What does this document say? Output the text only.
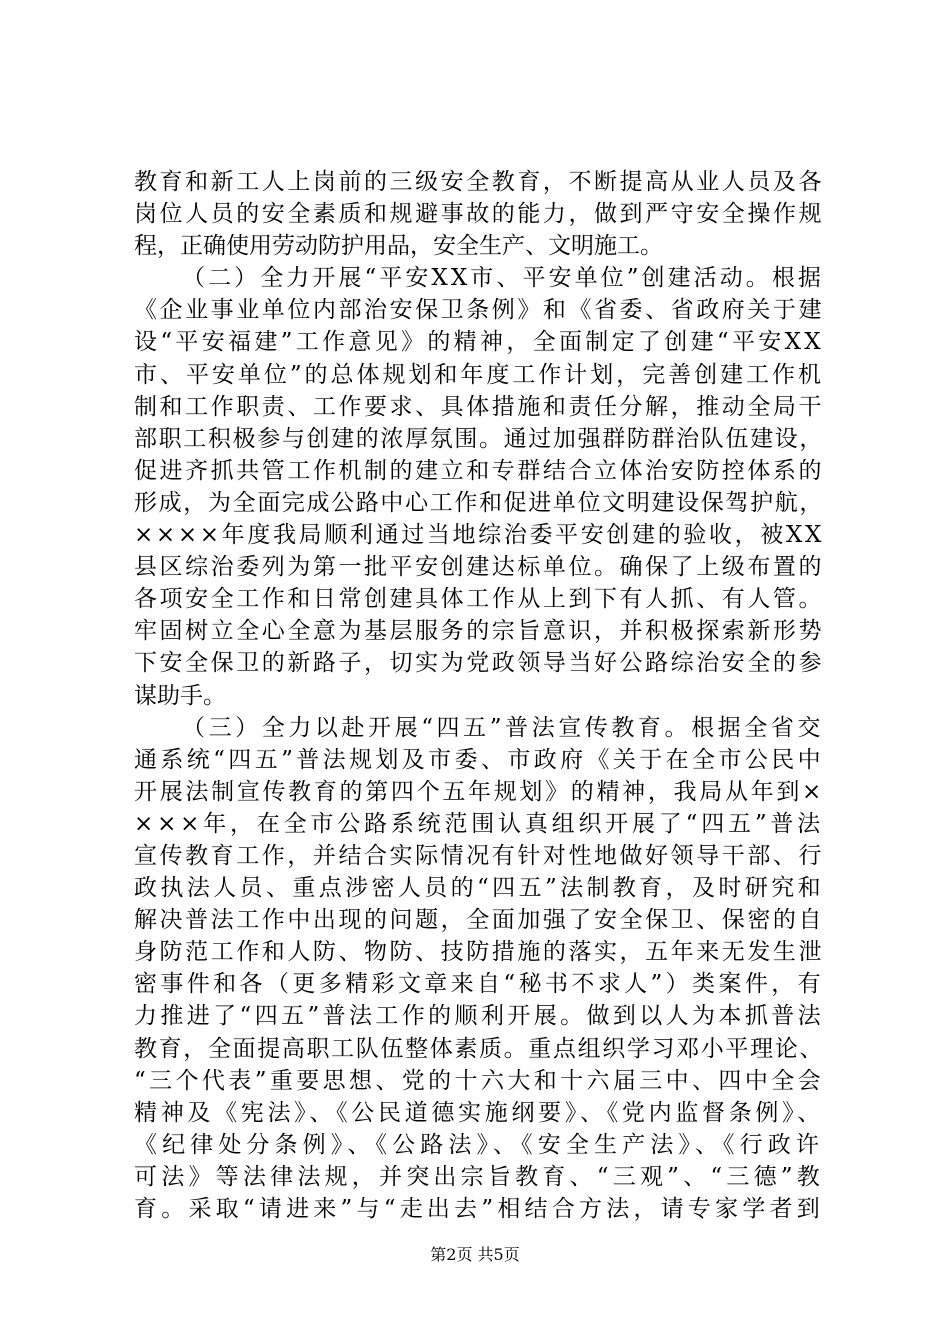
教育和新工人上岗前的三级安全教育，不断提高从业人员及各
岗位人员的安全素质和规避事故的能力，做到严守安全操作规
程，正确使用劳动防护用品，安全生产、文明施工。
（二）全力开展“平安XX市、平安单位”创建活动。根据
《企业事业单位内部治安保卫条例》和《省委、省政府关于建
设“平安福建”工作意见》的精神，全面制定了创建“平安XX
市、平安单位”的总体规划和年度工作计划，完善创建工作机
制和工作职责、工作要求、具体措施和责任分解，推动全局干
部职工积极参与创建的浓厚氛围。通过加强群防群治队伍建设，
促进齐抓共管工作机制的建立和专群结合立体治安防控体系的
形成，为全面完成公路中心工作和促进单位文明建设保驾护航，
××××年度我局顺利通过当地综治委平安创建的验收，被XX
县区综治委列为第一批平安创建达标单位。确保了上级布置的
各项安全工作和日常创建具体工作从上到下有人抓、有人管。
牢固树立全心全意为基层服务的宗旨意识，并积极探索新形势
下安全保卫的新路子，切实为党政领导当好公路综治安全的参
谋助手。
（三）全力以赴开展“四五”普法宣传教育。根据全省交
通系统“四五”普法规划及市委、市政府《关于在全市公民中
开展法制宣传教育的第四个五年规划》的精神，我局从年到×
×××年，在全市公路系统范围认真组织开展了“四五”普法
宣传教育工作，并结合实际情况有针对性地做好领导干部、行
政执法人员、重点涉密人员的“四五”法制教育，及时研究和
解决普法工作中出现的问题，全面加强了安全保卫、保密的自
身防范工作和人防、物防、技防措施的落实，五年来无发生泄
密事件和各（更多精彩文章来自“秘书不求人”）类案件，有
力推进了“四五”普法工作的顺利开展。做到以人为本抓普法
教育，全面提高职工队伍整体素质。重点组织学习邓小平理论、
“三个代表”重要思想、党的十六大和十六届三中、四中全会
精神及《宪法》、《公民道德实施纲要》、《党内监督条例》、
《纪律处分条例》、《公路法》、《安全生产法》、《行政许
可法》等法律法规，并突出宗旨教育、“三观”、“三德”教
育。采取“请进来”与“走出去”相结合方法，请专家学者到
第2页 共5页
